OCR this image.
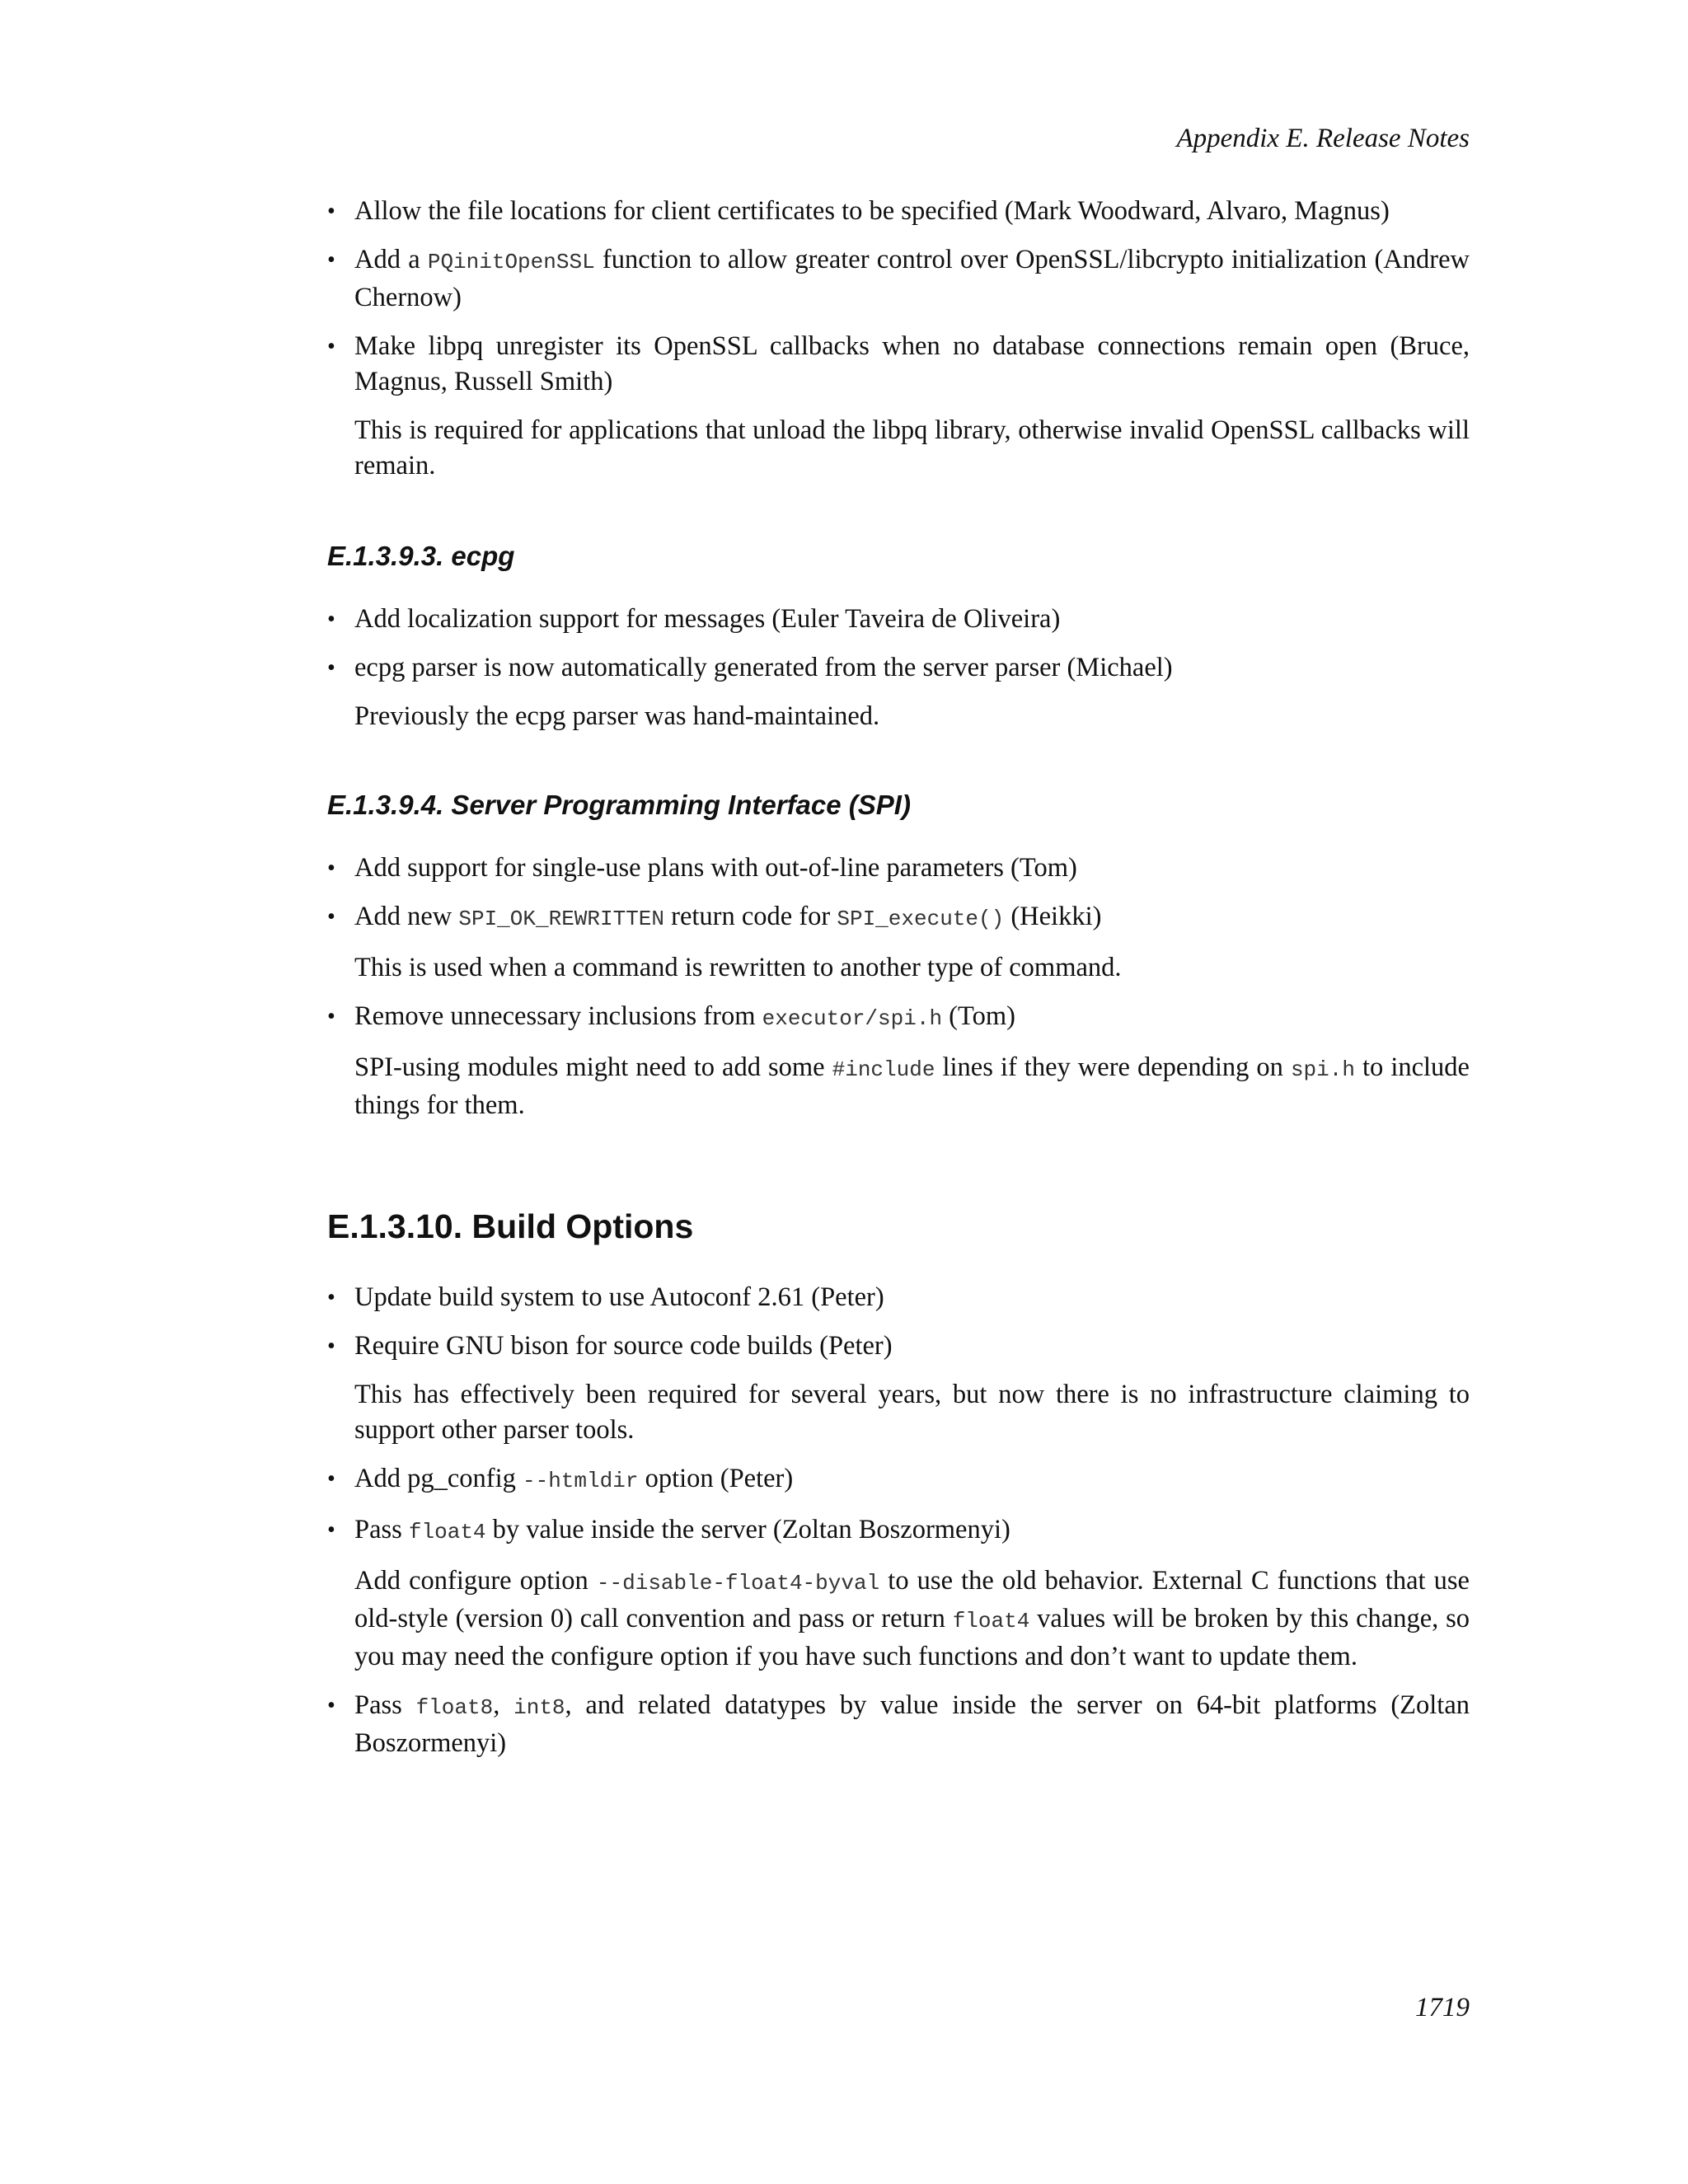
Appendix E. Release Notes
• Allow the file locations for client certificates to be specified (Mark Woodward, Alvaro, Magnus)
• Add a PQinitOpenSSL function to allow greater control over OpenSSL/libcrypto initialization (Andrew Chernow)
• Make libpq unregister its OpenSSL callbacks when no database connections remain open (Bruce, Magnus, Russell Smith)

This is required for applications that unload the libpq library, otherwise invalid OpenSSL callbacks will remain.

E.1.3.9.3. ecpg
• Add localization support for messages (Euler Taveira de Oliveira)
• ecpg parser is now automatically generated from the server parser (Michael)

Previously the ecpg parser was hand-maintained.

E.1.3.9.4. Server Programming Interface (SPI)
• Add support for single-use plans with out-of-line parameters (Tom)
• Add new SPI_OK_REWRITTEN return code for SPI_execute() (Heikki)

This is used when a command is rewritten to another type of command.

• Remove unnecessary inclusions from executor/spi.h (Tom)

SPI-using modules might need to add some #include lines if they were depending on spi.h to include things for them.

E.1.3.10. Build Options
• Update build system to use Autoconf 2.61 (Peter)
• Require GNU bison for source code builds (Peter)

This has effectively been required for several years, but now there is no infrastructure claiming to support other parser tools.

• Add pg_config --htmldir option (Peter)
• Pass float4 by value inside the server (Zoltan Boszormenyi)

Add configure option --disable-float4-byval to use the old behavior. External C functions that use old-style (version 0) call convention and pass or return float4 values will be broken by this change, so you may need the configure option if you have such functions and don’t want to update them.

• Pass float8, int8, and related datatypes by value inside the server on 64-bit platforms (Zoltan Boszormenyi)
1719
